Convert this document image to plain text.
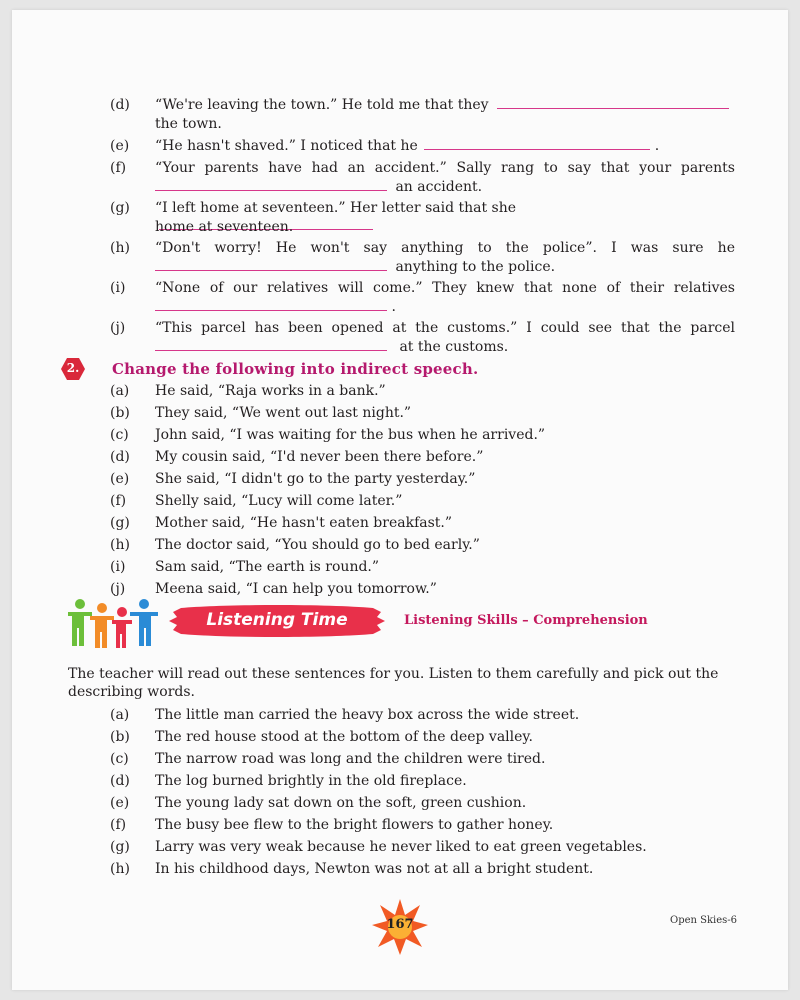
(d)	“We're leaving the town.” He told me that they
the town.
(e)	“He hasn't shaved.” I noticed that he	.
(f)	“Your parents have had an accident.” Sally rang to say that your parents
an accident.
(g)	“I left home at seventeen.” Her letter said that she
home at seventeen.
(h)	“Don't worry! He won't say anything to the police”. I was sure he
anything to the police.
(i)	“None of our relatives will come.” They knew that none of their relatives
.
(j)	“This parcel has been opened at the customs.” I could see that the parcel
at the customs.
2.	Change the following into indirect speech.
(a)	He said, “Raja works in a bank.”
(b)	They said, “We went out last night.”
(c)	John said, “I was waiting for the bus when he arrived.”
(d)	My cousin said, “I'd never been there before.”
(e)	She said, “I didn't go to the party yesterday.”
(f)	Shelly said, “Lucy will come later.”
(g)	Mother said, “He hasn't eaten breakfast.”
(h)	The doctor said, “You should go to bed early.”
(i)	Sam said, “The earth is round.”
(j)	Meena said, “I can help you tomorrow.”
Listening Time	Listening Skills – Comprehension
The teacher will read out these sentences for you. Listen to them carefully and pick out the describing words.
(a)	The little man carried the heavy box across the wide street.
(b)	The red house stood at the bottom of the deep valley.
(c)	The narrow road was long and the children were tired.
(d)	The log burned brightly in the old fireplace.
(e)	The young lady sat down on the soft, green cushion.
(f)	The busy bee flew to the bright flowers to gather honey.
(g)	Larry was very weak because he never liked to eat green vegetables.
(h)	In his childhood days, Newton was not at all a bright student.
167	Open Skies-6
